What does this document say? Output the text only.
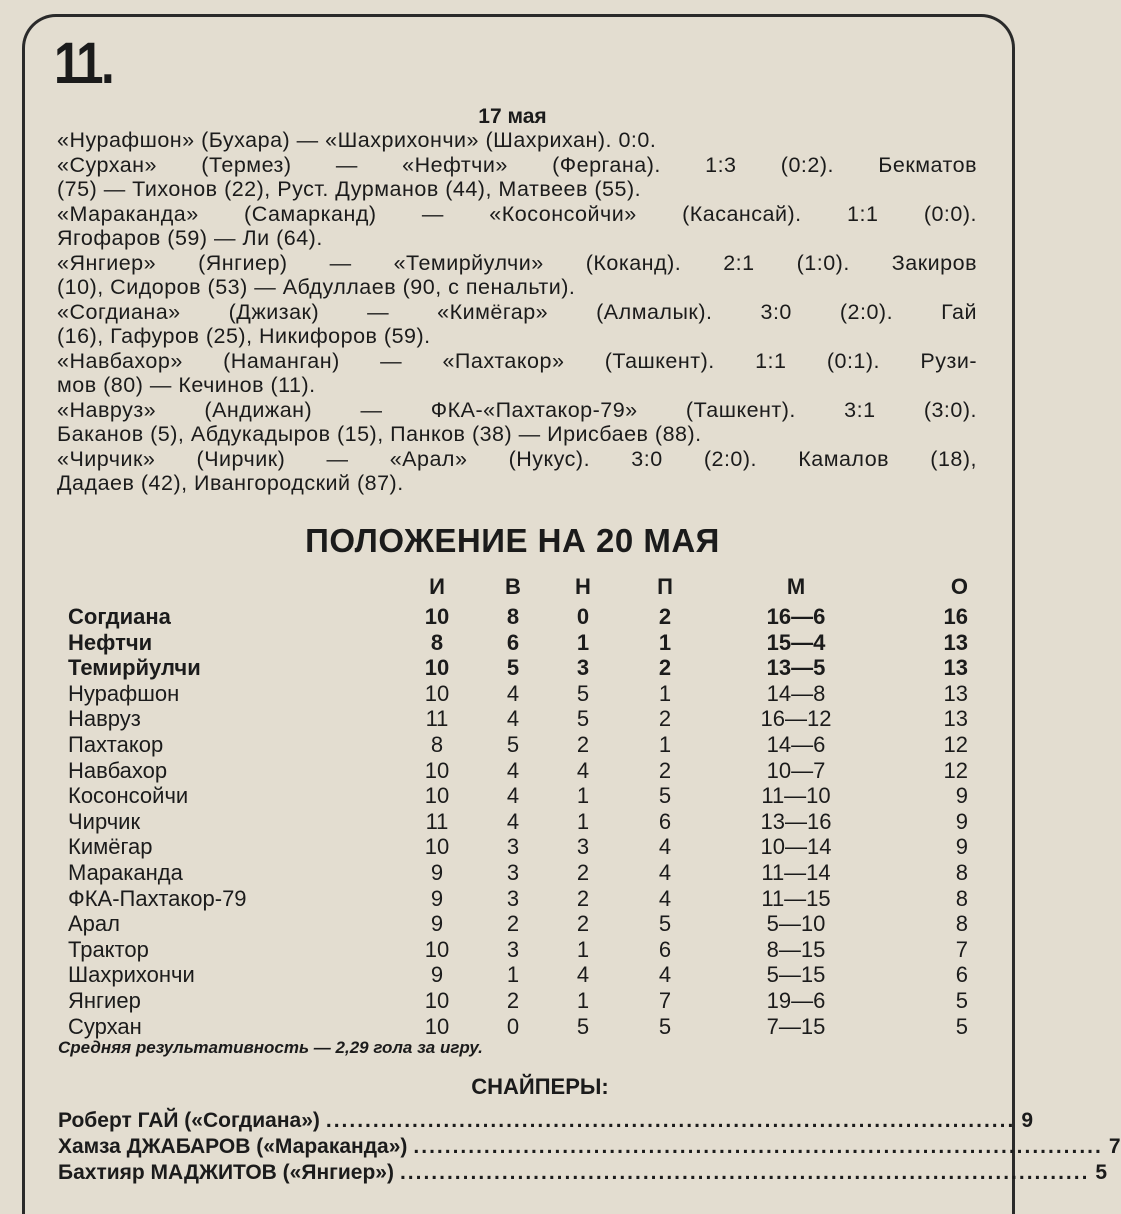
11.
17 мая
«Нурафшон» (Бухара) — «Шахрихончи» (Шахрихан). 0:0.
«Сурхан» (Термез) — «Нефтчи» (Фергана). 1:3 (0:2). Бекматов
(75) — Тихонов (22), Руст. Дурманов (44), Матвеев (55).
«Мараканда» (Самарканд) — «Косонсойчи» (Касансай). 1:1 (0:0).
Ягофаров (59) — Ли (64).
«Янгиер» (Янгиер) — «Темирйулчи» (Коканд). 2:1 (1:0). Закиров
(10), Сидоров (53) — Абдуллаев (90, с пенальти).
«Согдиана» (Джизак) — «Кимёгар» (Алмалык). 3:0 (2:0). Гай
(16), Гафуров (25), Никифоров (59).
«Навбахор» (Наманган) — «Пахтакор» (Ташкент). 1:1 (0:1). Рузи-
мов (80) — Кечинов (11).
«Навруз» (Андижан) — ФКА-«Пахтакор-79» (Ташкент). 3:1 (3:0).
Баканов (5), Абдукадыров (15), Панков (38) — Ирисбаев (88).
«Чирчик» (Чирчик) — «Арал» (Нукус). 3:0 (2:0). Камалов (18),
Дадаев (42), Ивангородский (87).
ПОЛОЖЕНИЕ НА 20 МАЯ
И	В	Н	П	М	О
Согдиана	10	8	0	2	16—6	16
Нефтчи	8	6	1	1	15—4	13
Темирйулчи	10	5	3	2	13—5	13
Нурафшон	10	4	5	1	14—8	13
Навруз	11	4	5	2	16—12	13
Пахтакор	8	5	2	1	14—6	12
Навбахор	10	4	4	2	10—7	12
Косонсойчи	10	4	1	5	11—10	9
Чирчик	11	4	1	6	13—16	9
Кимёгар	10	3	3	4	10—14	9
Мараканда	9	3	2	4	11—14	8
ФКА-Пахтакор-79	9	3	2	4	11—15	8
Арал	9	2	2	5	5—10	8
Трактор	10	3	1	6	8—15	7
Шахрихончи	9	1	4	4	5—15	6
Янгиер	10	2	1	7	19—6	5
Сурхан	10	0	5	5	7—15	5
Средняя результативность — 2,29 гола за игру.
СНАЙПЕРЫ:
Роберт ГАЙ («Согдиана») ........................................................................................ 9
Хамза ДЖАБАРОВ («Мараканда») ........................................................................................ 7
Бахтияр МАДЖИТОВ («Янгиер») ........................................................................................ 5
